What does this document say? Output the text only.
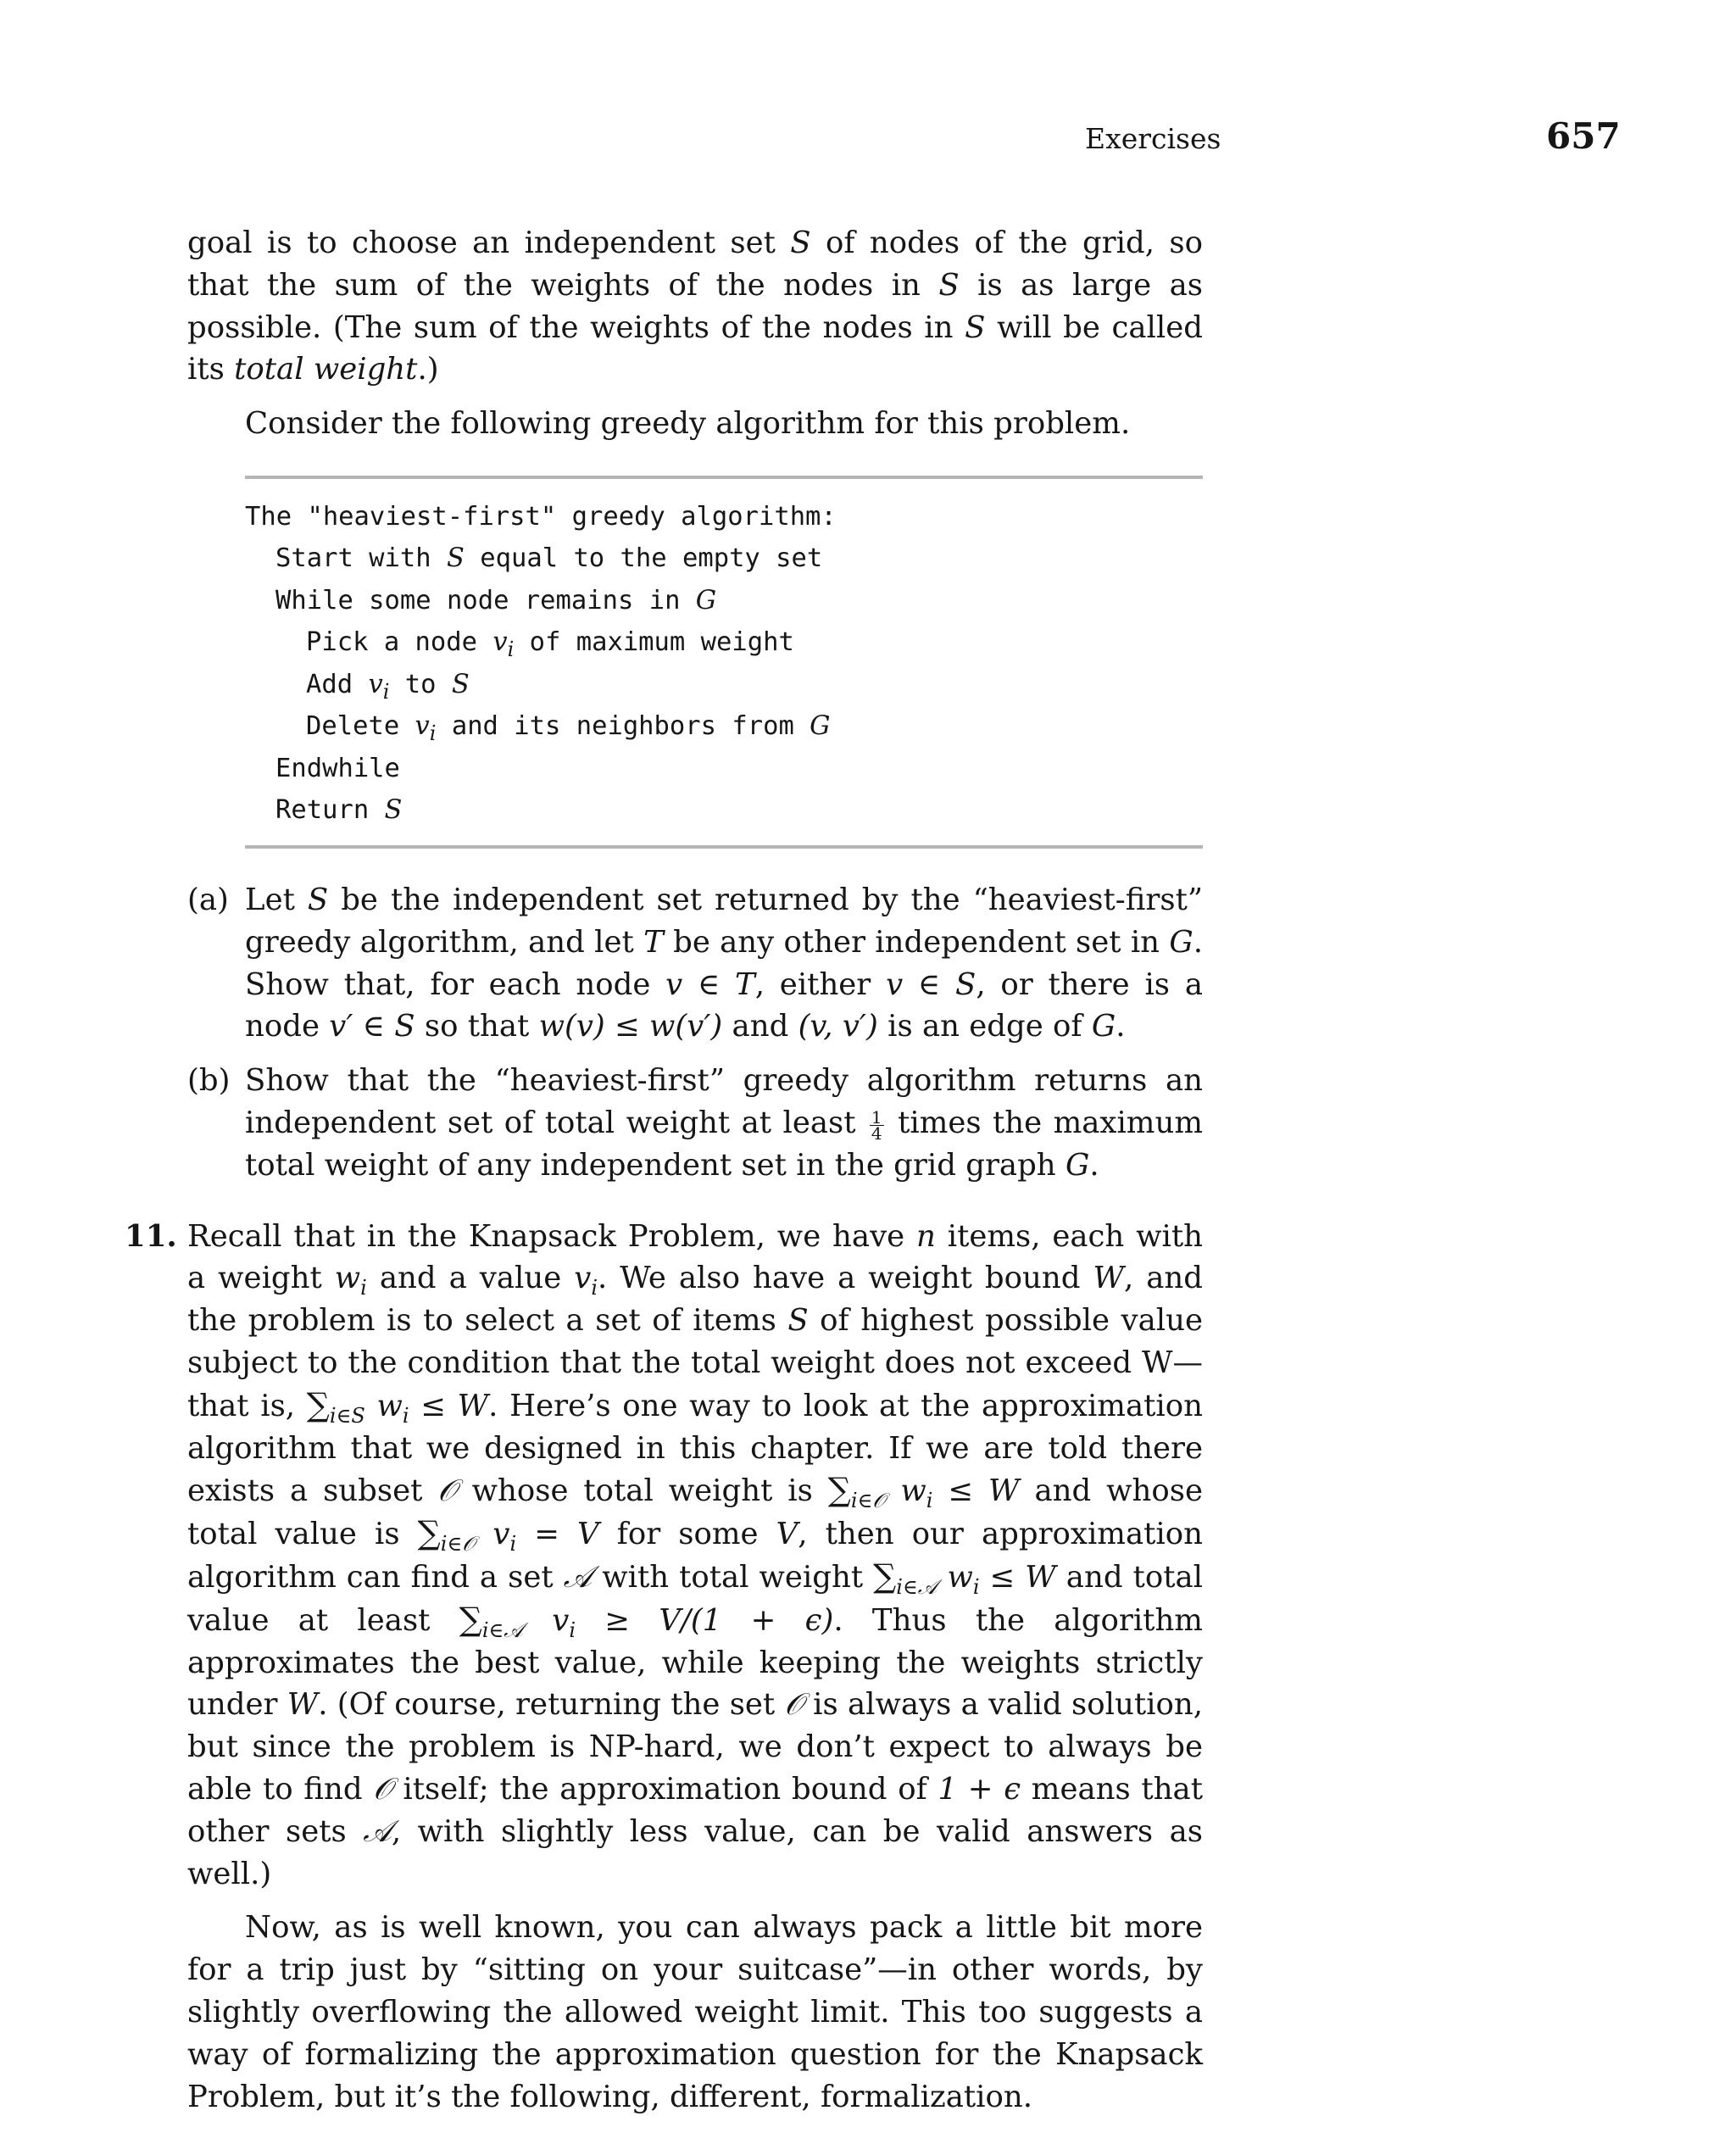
Exercises	657

goal is to choose an independent set S of nodes of the grid, so that the sum of the weights of the nodes in S is as large as possible. (The sum of the weights of the nodes in S will be called its total weight.)

Consider the following greedy algorithm for this problem.

The "heaviest-first" greedy algorithm:
Start with S equal to the empty set
While some node remains in G
Pick a node $v_i$ of maximum weight
Add $v_i$ to S
Delete $v_i$ and its neighbors from G
Endwhile
Return S
(a) Let S be the independent set returned by the “heaviest-first” greedy algorithm, and let T be any other independent set in G. Show that, for each node v ∈ T, either v ∈ S, or there is a node v′ ∈ S so that w(v) ≤ w(v′) and (v, v′) is an edge of G.

(b) Show that the “heaviest-first” greedy algorithm returns an independent set of total weight at least $\frac{1}{4}$ times the maximum total weight of any independent set in the grid graph G.

11. Recall that in the Knapsack Problem, we have n items, each with a weight $w_i$ and a value $v_i$. We also have a weight bound W, and the problem is to select a set of items S of highest possible value subject to the condition that the total weight does not exceed W—that is, $\sum_{i\in S}$ $w_i \le W$. Here’s one way to look at the approximation algorithm that we designed in this chapter. If we are told there exists a subset 𝒪 whose total weight is $\sum_{i\in 𝒪}$ $w_i \le W$ and whose total value is $\sum_{i\in 𝒪}$ $v_i = V$ for some V, then our approximation algorithm can find a set 𝒜 with total weight $\sum_{i\in 𝒜}$ $w_i \le W$ and total value at least $\sum_{i\in 𝒜}$ $v_i \ge V/(1 + \epsilon)$. Thus the algorithm approximates the best value, while keeping the weights strictly under W. (Of course, returning the set 𝒪 is always a valid solution, but since the problem is NP-hard, we don’t expect to always be able to find 𝒪 itself; the approximation bound of 1 + ϵ means that other sets 𝒜, with slightly less value, can be valid answers as well.)

Now, as is well known, you can always pack a little bit more for a trip just by “sitting on your suitcase”—in other words, by slightly overflowing the allowed weight limit. This too suggests a way of formalizing the approximation question for the Knapsack Problem, but it’s the following, different, formalization.
